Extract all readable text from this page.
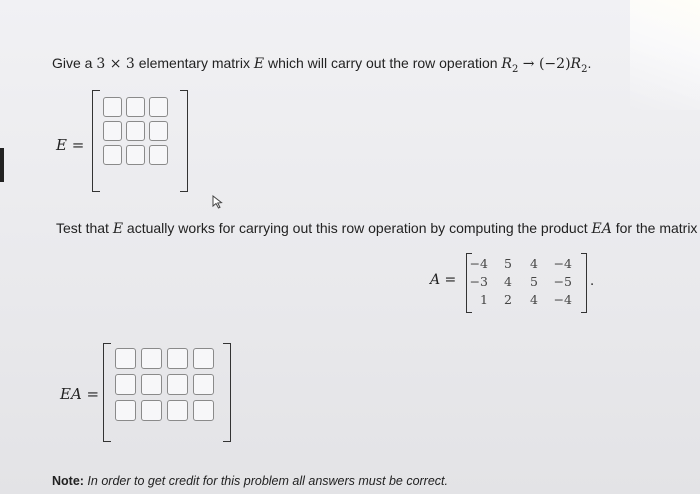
Give a 3 × 3 elementary matrix E which will carry out the row operation $R_2 \to (-2)R_2$.
E =
Test that E actually works for carrying out this row operation by computing the product EA for the matrix
A =
−4	5	4	−4
−3	4	5	−5
1	2	4	−4
.
EA =
Note: In order to get credit for this problem all answers must be correct.
